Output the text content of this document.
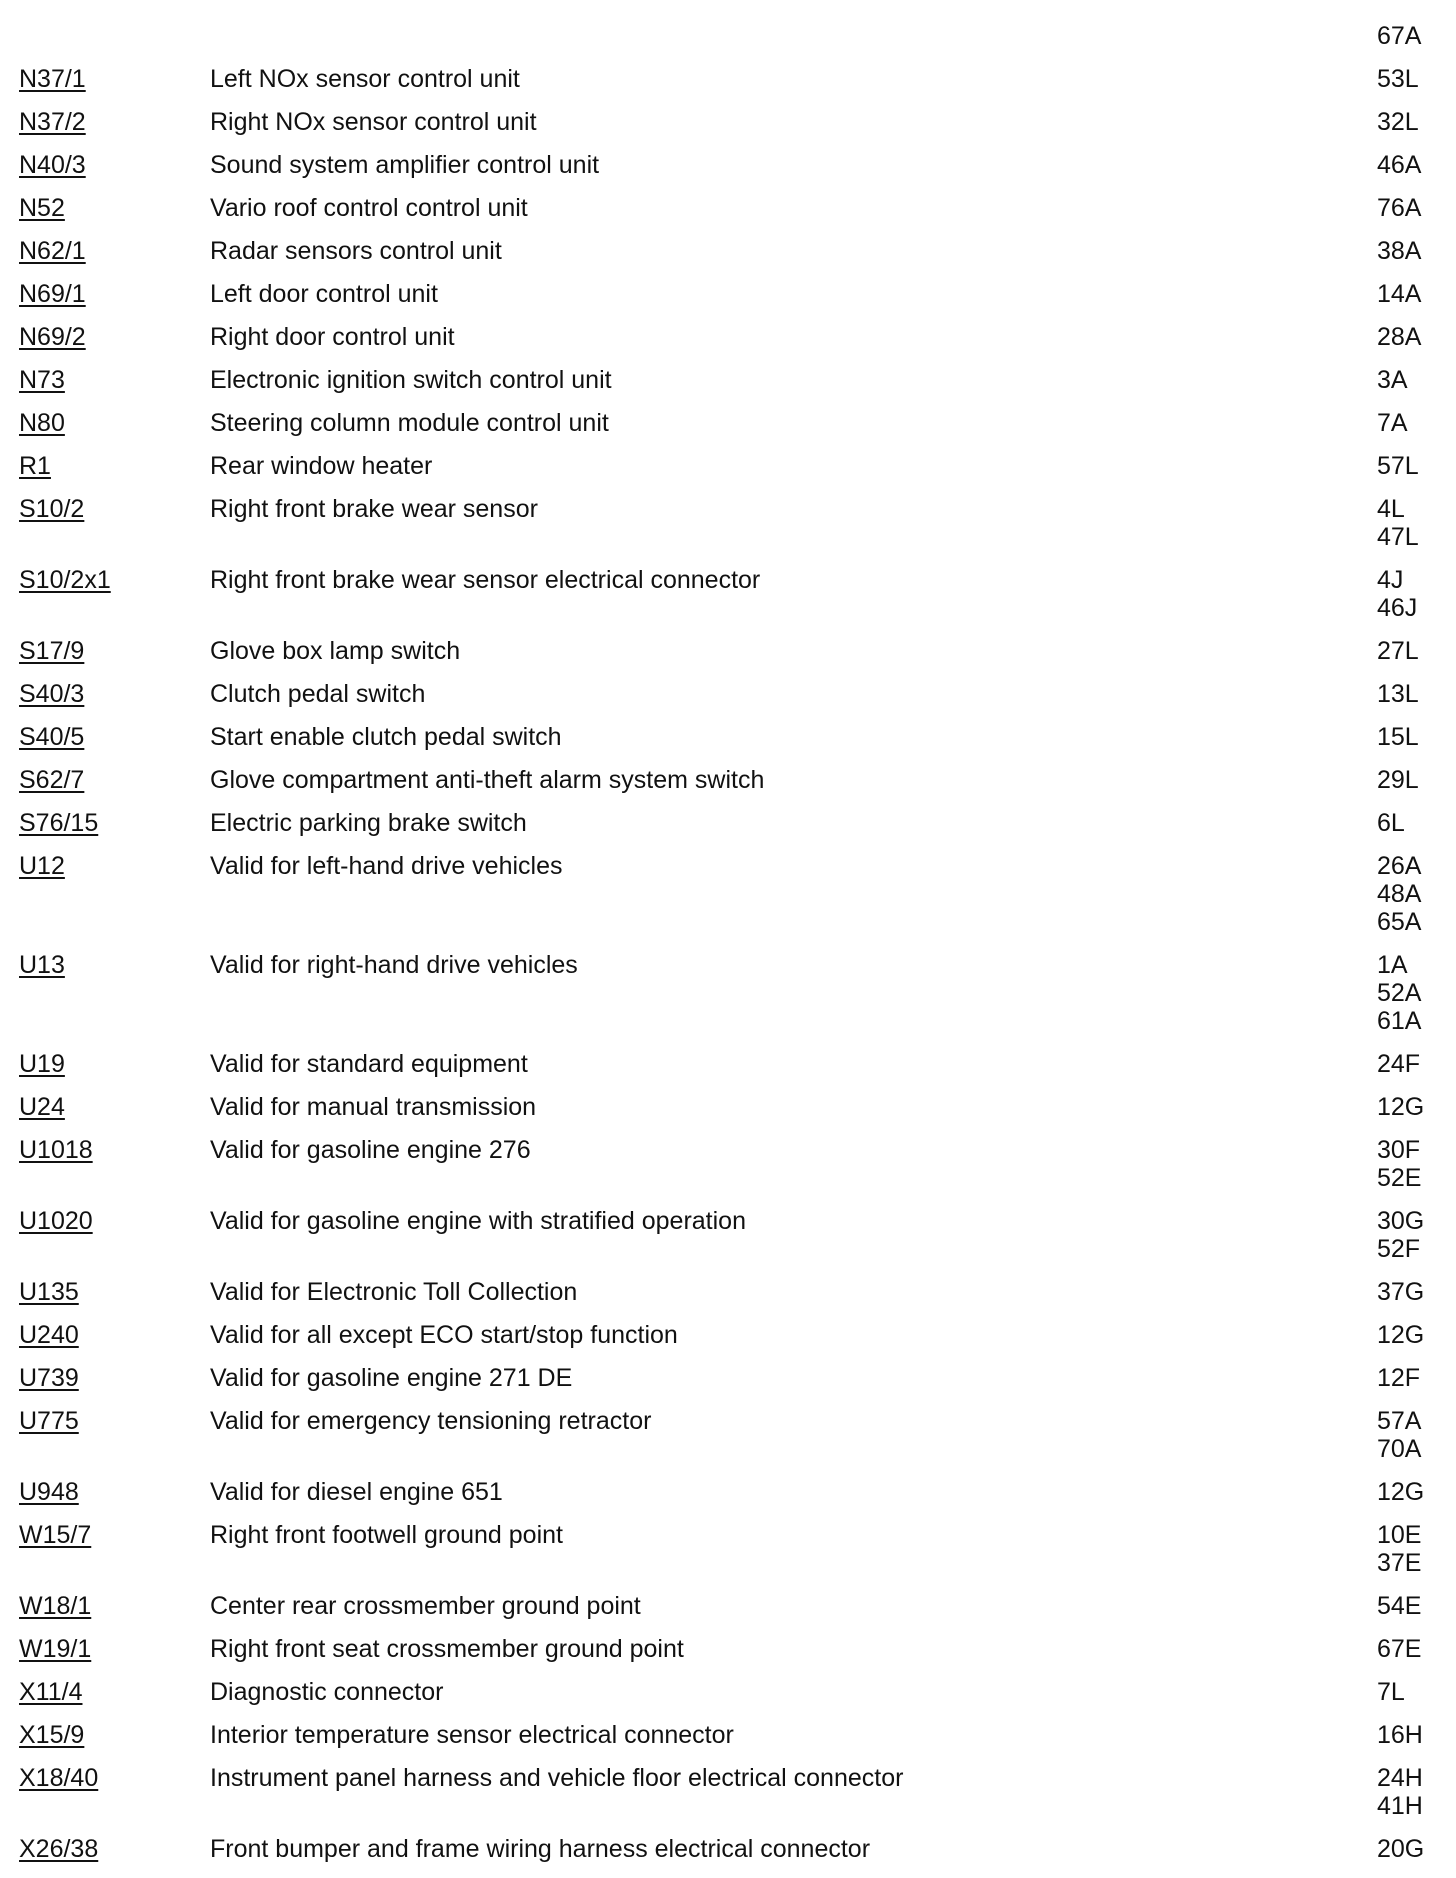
67A
N37/1	Left NOx sensor control unit	53L
N37/2	Right NOx sensor control unit	32L
N40/3	Sound system amplifier control unit	46A
N52	Vario roof control control unit	76A
N62/1	Radar sensors control unit	38A
N69/1	Left door control unit	14A
N69/2	Right door control unit	28A
N73	Electronic ignition switch control unit	3A
N80	Steering column module control unit	7A
R1	Rear window heater	57L
S10/2	Right front brake wear sensor	4L
47L
S10/2x1	Right front brake wear sensor electrical connector	4J
46J
S17/9	Glove box lamp switch	27L
S40/3	Clutch pedal switch	13L
S40/5	Start enable clutch pedal switch	15L
S62/7	Glove compartment anti-theft alarm system switch	29L
S76/15	Electric parking brake switch	6L
U12	Valid for left-hand drive vehicles	26A
48A
65A
U13	Valid for right-hand drive vehicles	1A
52A
61A
U19	Valid for standard equipment	24F
U24	Valid for manual transmission	12G
U1018	Valid for gasoline engine 276	30F
52E
U1020	Valid for gasoline engine with stratified operation	30G
52F
U135	Valid for Electronic Toll Collection	37G
U240	Valid for all except ECO start/stop function	12G
U739	Valid for gasoline engine 271 DE	12F
U775	Valid for emergency tensioning retractor	57A
70A
U948	Valid for diesel engine 651	12G
W15/7	Right front footwell ground point	10E
37E
W18/1	Center rear crossmember ground point	54E
W19/1	Right front seat crossmember ground point	67E
X11/4	Diagnostic connector	7L
X15/9	Interior temperature sensor electrical connector	16H
X18/40	Instrument panel harness and vehicle floor electrical connector	24H
41H
X26/38	Front bumper and frame wiring harness electrical connector	20G
